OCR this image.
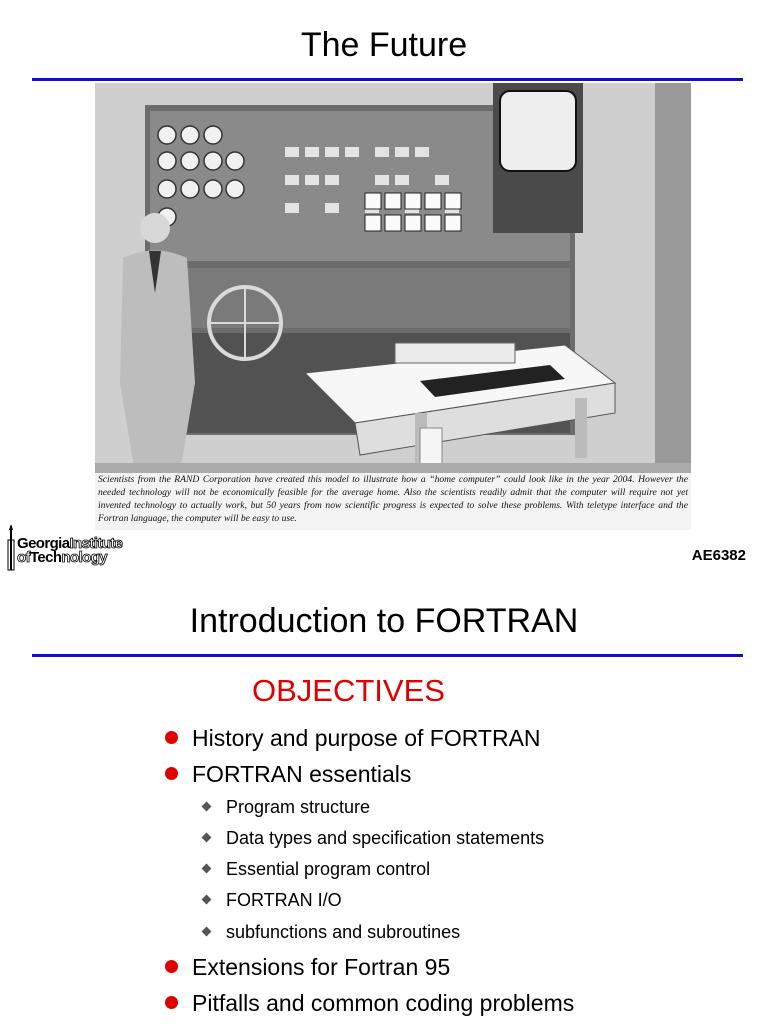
The Future
Scientists from the RAND Corporation have created this model to illustrate how a “home computer” could look like in the year 2004. However the needed technology will not be economically feasible for the average home. Also the scientists readily admit that the computer will require not yet invented technology to actually work, but 50 years from now scientific progress is expected to solve these problems. With teletype interface and the Fortran language, the computer will be easy to use.
GeorgiaInstitute
ofTechnology	AE6382
Introduction to FORTRAN
OBJECTIVES
History and purpose of FORTRAN
FORTRAN essentials
Program structure
Data types and specification statements
Essential program control
FORTRAN I/O
subfunctions and subroutines
Extensions for Fortran 95
Pitfalls and common coding problems
